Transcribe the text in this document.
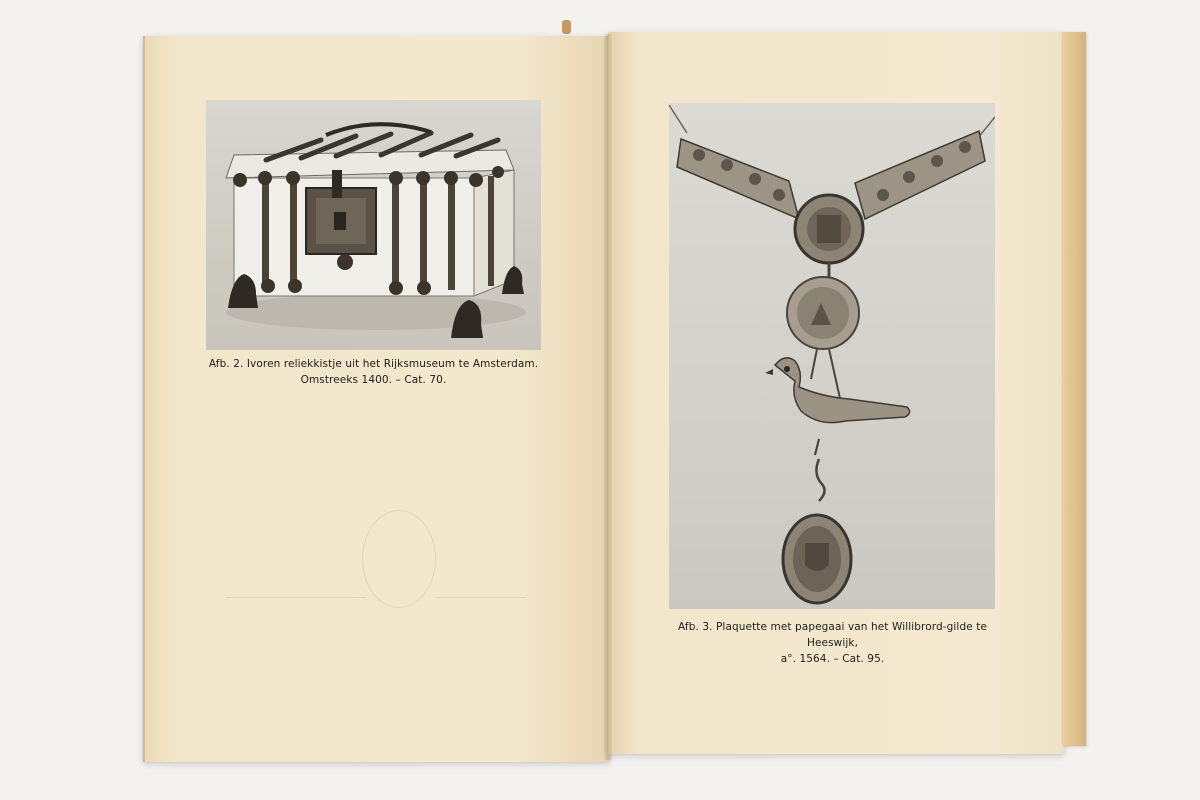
Afb. 2. Ivoren reliekkistje uit het Rijksmuseum te Amsterdam.
Omstreeks 1400. – Cat. 70.
Afb. 3. Plaquette met papegaai van het Willibrord-gilde te Heeswijk,
a°. 1564. – Cat. 95.
